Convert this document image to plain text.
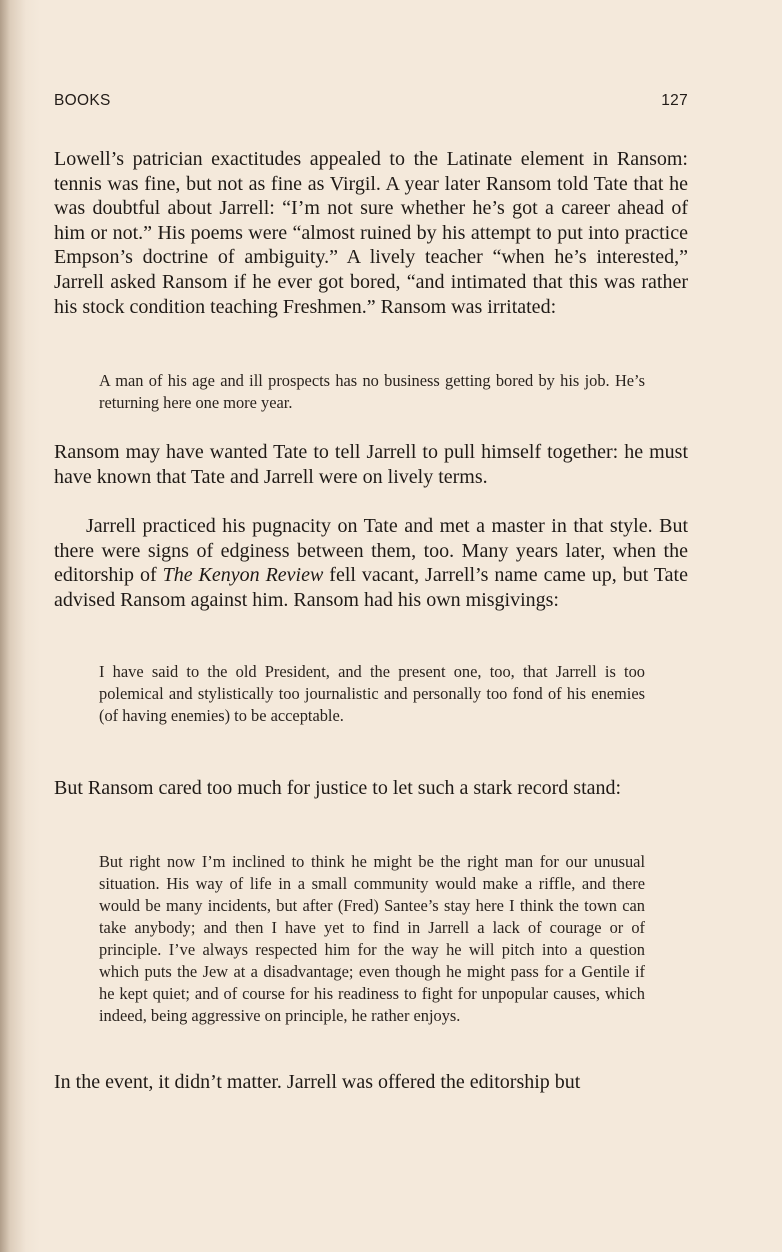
BOOKS	127

Lowell’s patrician exactitudes appealed to the Latinate element in Ransom: tennis was fine, but not as fine as Virgil. A year later Ransom told Tate that he was doubtful about Jarrell: “I’m not sure whether he’s got a career ahead of him or not.” His poems were “almost ruined by his attempt to put into practice Empson’s doctrine of ambiguity.” A lively teacher “when he’s interested,” Jarrell asked Ransom if he ever got bored, “and intimated that this was rather his stock condition teaching Freshmen.” Ransom was irritated:

A man of his age and ill prospects has no business getting bored by his job. He’s returning here one more year.

Ransom may have wanted Tate to tell Jarrell to pull himself together: he must have known that Tate and Jarrell were on lively terms.

Jarrell practiced his pugnacity on Tate and met a master in that style. But there were signs of edginess between them, too. Many years later, when the editorship of The Kenyon Review fell vacant, Jarrell’s name came up, but Tate advised Ransom against him. Ransom had his own misgivings:

I have said to the old President, and the present one, too, that Jarrell is too polemical and stylistically too journalistic and personally too fond of his enemies (of having enemies) to be acceptable.

But Ransom cared too much for justice to let such a stark record stand:

But right now I’m inclined to think he might be the right man for our unusual situation. His way of life in a small community would make a riffle, and there would be many incidents, but after (Fred) Santee’s stay here I think the town can take anybody; and then I have yet to find in Jarrell a lack of courage or of principle. I’ve always respected him for the way he will pitch into a question which puts the Jew at a disadvantage; even though he might pass for a Gentile if he kept quiet; and of course for his readiness to fight for unpopular causes, which indeed, being aggressive on principle, he rather enjoys.

In the event, it didn’t matter. Jarrell was offered the editorship but
